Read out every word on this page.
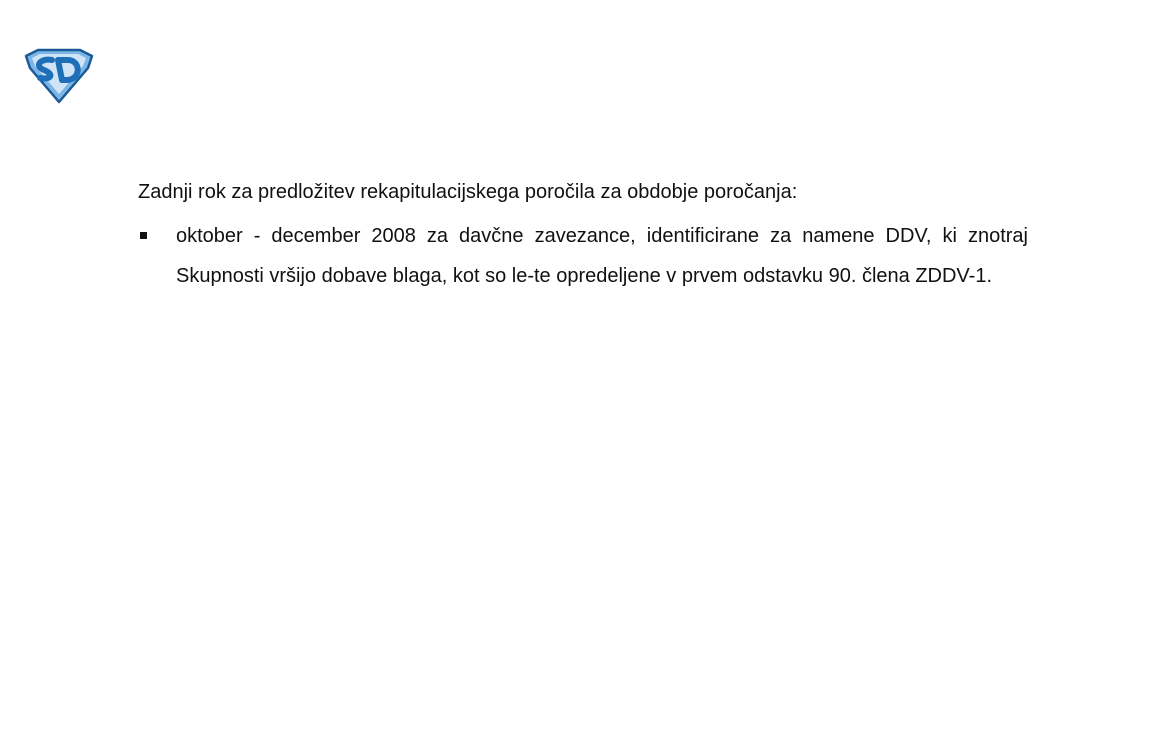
Zadnji rok za predložitev rekapitulacijskega poročila za obdobje poročanja:

oktober - december 2008 za davčne zavezance, identificirane za namene DDV, ki znotraj Skupnosti vršijo dobave blaga, kot so le-te opredeljene v prvem odstavku 90. člena ZDDV-1.
